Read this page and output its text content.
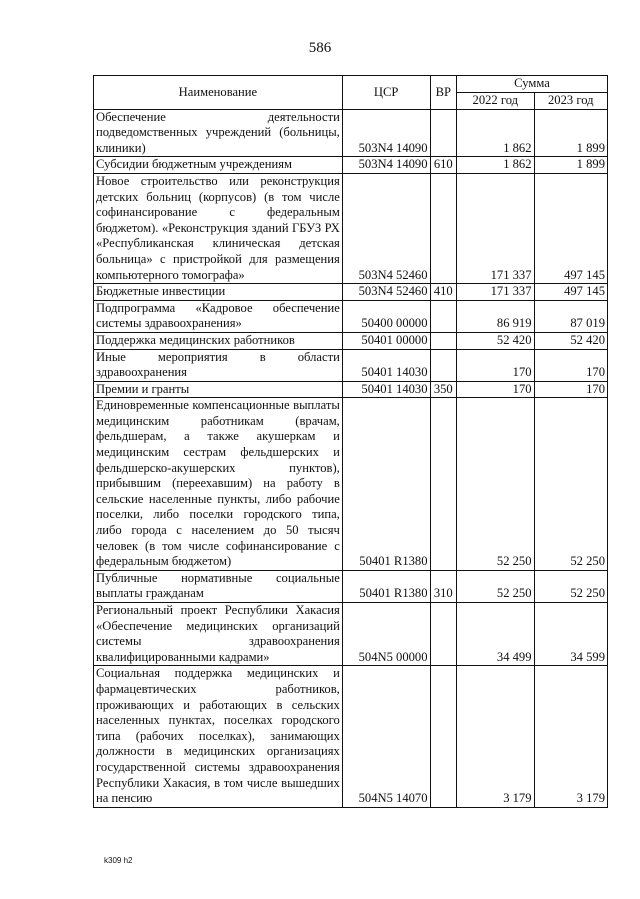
586
Наименование	ЦСР	ВР	Сумма	
			2022 год	2023 год
Обеспечение деятельности подведомственных учреждений (больницы, клиники)	503N4 14090		1 862	1 899
Субсидии бюджетным учреждениям	503N4 14090	610	1 862	1 899
Новое строительство или реконструкция детских больниц (корпусов) (в том числе софинансирование с федеральным бюджетом). «Реконструкция зданий ГБУЗ РХ «Республиканская клиническая детская больница» с пристройкой для размещения компьютерного томографа»	503N4 52460		171 337	497 145
Бюджетные инвестиции	503N4 52460	410	171 337	497 145
Подпрограмма «Кадровое обеспечение системы здравоохранения»	50400 00000		86 919	87 019
Поддержка медицинских работников	50401 00000		52 420	52 420
Иные мероприятия в области здравоохранения	50401 14030		170	170
Премии и гранты	50401 14030	350	170	170
Единовременные компенсационные выплаты медицинским работникам (врачам, фельдшерам, а также акушеркам и медицинским сестрам фельдшерских и фельдшерско-акушерских пунктов), прибывшим (переехавшим) на работу в сельские населенные пункты, либо рабочие поселки, либо поселки городского типа, либо города с населением до 50 тысяч человек (в том числе софинансирование с федеральным бюджетом)	50401 R1380		52 250	52 250
Публичные нормативные социальные выплаты гражданам	50401 R1380	310	52 250	52 250
Региональный проект Республики Хакасия «Обеспечение медицинских организаций системы здравоохранения квалифицированными кадрами»	504N5 00000		34 499	34 599
Социальная поддержка медицинских и фармацевтических работников, проживающих и работающих в сельских населенных пунктах, поселках городского типа (рабочих поселках), занимающих должности в медицинских организациях государственной системы здравоохранения Республики Хакасия, в том числе вышедших на пенсию	504N5 14070		3 179	3 179
k309 h2
